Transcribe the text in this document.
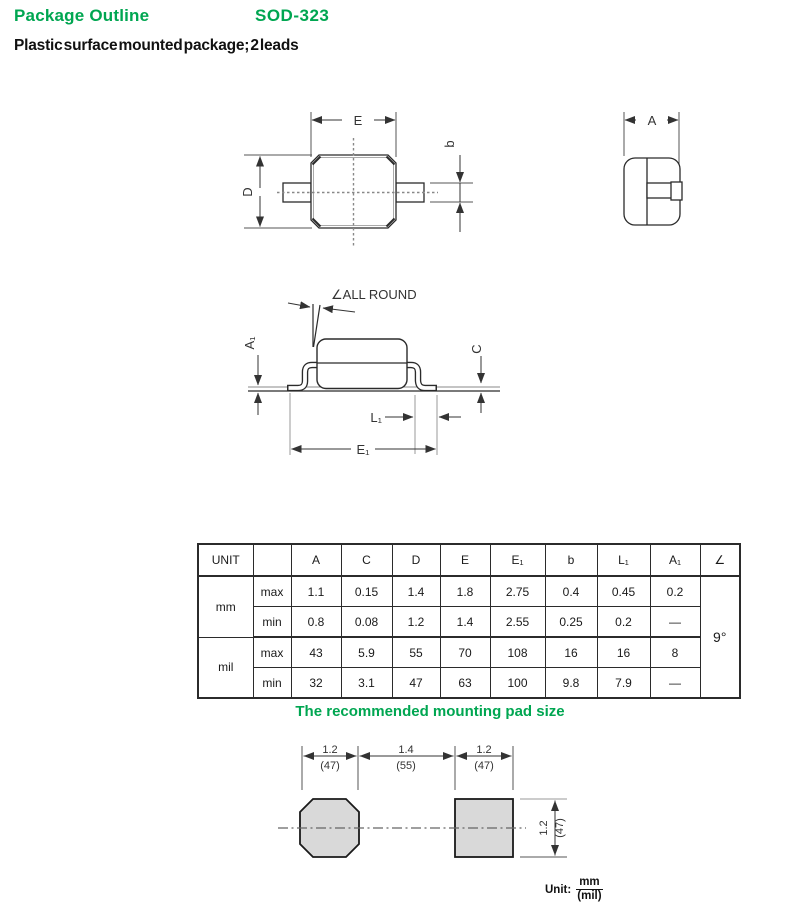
Package Outline	SOD-323
Plastic surface mounted package; 2 leads
E
D
b
A
∠ALL ROUND
A₁	C
L₁
E₁
UNIT		A	C	D	E	E₁	b	L₁	A₁	∠
mm	max	1.1	0.15	1.4	1.8	2.75	0.4	0.45	0.2	9°
	min	0.8	0.08	1.2	1.4	2.55	0.25	0.2	—	
mil	max	43	5.9	55	70	108	16	16	8	
	min	32	3.1	47	63	100	9.8	7.9	—	
The recommended mounting pad size
1.2
(47)
1.4
(55)
1.2
(47)
1.2 (47)
Unit: $\frac{mm}{\text{(mil)}}$
